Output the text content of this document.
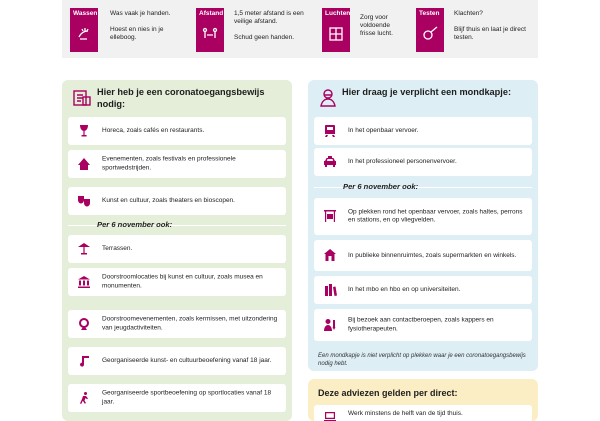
Wassen Was vaak je handen.

Hoest en nies in je elleboog.
Afstand 1,5 meter afstand is een veilige afstand.

Schud geen handen.
Luchten
Zorg voor voldoende frisse lucht.
Testen	Klachten?

Blijf thuis en laat je direct testen.
Hier heb je een coronatoegangsbewijs nodig:
Horeca, zoals cafés en restaurants.
Evenementen, zoals festivals en professionele sportwedstrijden.
Kunst en cultuur, zoals theaters en bioscopen.
Per 6 november ook:
Terrassen.
Doorstroomlocaties bij kunst en cultuur, zoals musea en monumenten.
Doorstroomevenementen, zoals kermissen, met uitzondering van jeugdactiviteiten.
Georganiseerde kunst- en cultuurbeoefening vanaf 18 jaar.
Georganiseerde sportbeoefening op sportlocaties vanaf 18 jaar.
Hier draag je verplicht een mondkapje:
In het openbaar vervoer.
In het professioneel personenvervoer.
Per 6 november ook:
Op plekken rond het openbaar vervoer, zoals haltes, perrons en stations, en op vliegvelden.
In publieke binnenruimtes, zoals supermarkten en winkels.
In het mbo en hbo en op universiteiten.
Bij bezoek aan contactberoepen, zoals kappers en fysiotherapeuten.
Een mondkapje is niet verplicht op plekken waar je een coronatoegangsbewijs nodig hebt.
Deze adviezen gelden per direct:
Werk minstens de helft van de tijd thuis.
